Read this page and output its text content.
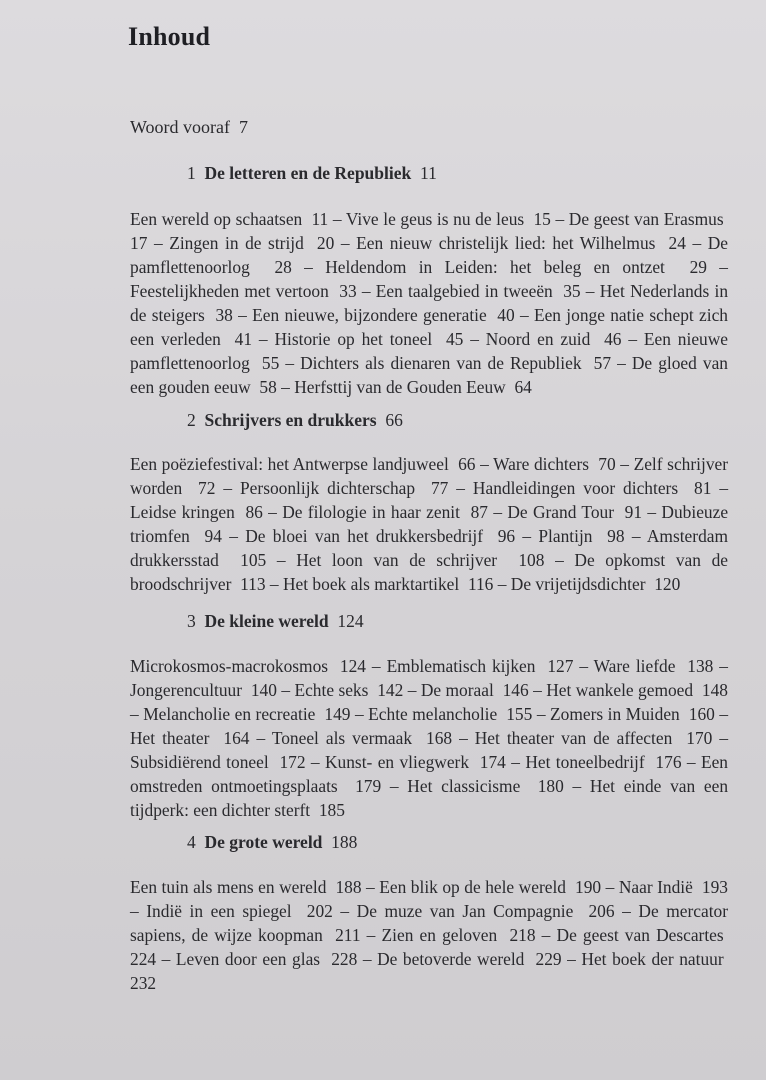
Inhoud
Woord vooraf 7
1 De letteren en de Republiek 11
Een wereld op schaatsen 11 – Vive le geus is nu de leus 15 – De geest van Erasmus  17 – Zingen in de strijd 20 – Een nieuw christelijk lied: het Wilhelmus 24 – De pamflettenoorlog 28 – Heldendom in Leiden: het beleg en ontzet 29 – Feestelijkheden met vertoon 33 – Een taalgebied in tweeën 35 – Het Nederlands in de steigers 38 – Een nieuwe, bijzondere generatie 40 – Een jonge natie schept zich een verleden 41 – Historie op het toneel 45 – Noord en zuid 46 – Een nieuwe pamflettenoorlog 55 – Dichters als dienaren van de Republiek 57 – De gloed van een gouden eeuw 58 – Herfsttij van de Gouden Eeuw 64
2 Schrijvers en drukkers 66
Een poëziefestival: het Antwerpse landjuweel 66 – Ware dichters 70 – Zelf schrijver worden 72 – Persoonlijk dichterschap 77 – Handleidingen voor dichters 81 – Leidse kringen 86 – De filologie in haar zenit 87 – De Grand Tour 91 – Dubieuze triomfen 94 – De bloei van het drukkersbedrijf 96 – Plantijn 98 – Amsterdam drukkersstad 105 – Het loon van de schrijver 108 – De opkomst van de broodschrijver 113 – Het boek als marktartikel 116 – De vrijetijdsdichter 120
3 De kleine wereld 124
Microkosmos-macrokosmos 124 – Emblematisch kijken 127 – Ware liefde 138 – Jongerencultuur 140 – Echte seks 142 – De moraal 146 – Het wankele gemoed 148 – Melancholie en recreatie 149 – Echte melancholie 155 – Zomers in Muiden 160 – Het theater 164 – Toneel als vermaak 168 – Het theater van de affecten 170 – Subsidiërend toneel 172 – Kunst- en vliegwerk 174 – Het toneelbedrijf 176 – Een omstreden ontmoetingsplaats 179 – Het classicisme 180 – Het einde van een tijdperk: een dichter sterft 185
4 De grote wereld 188
Een tuin als mens en wereld 188 – Een blik op de hele wereld 190 – Naar Indië 193 – Indië in een spiegel 202 – De muze van Jan Compagnie 206 – De mercator sapiens, de wijze koopman 211 – Zien en geloven 218 – De geest van Descartes  224 – Leven door een glas 228 – De betoverde wereld 229 – Het boek der natuur  232
